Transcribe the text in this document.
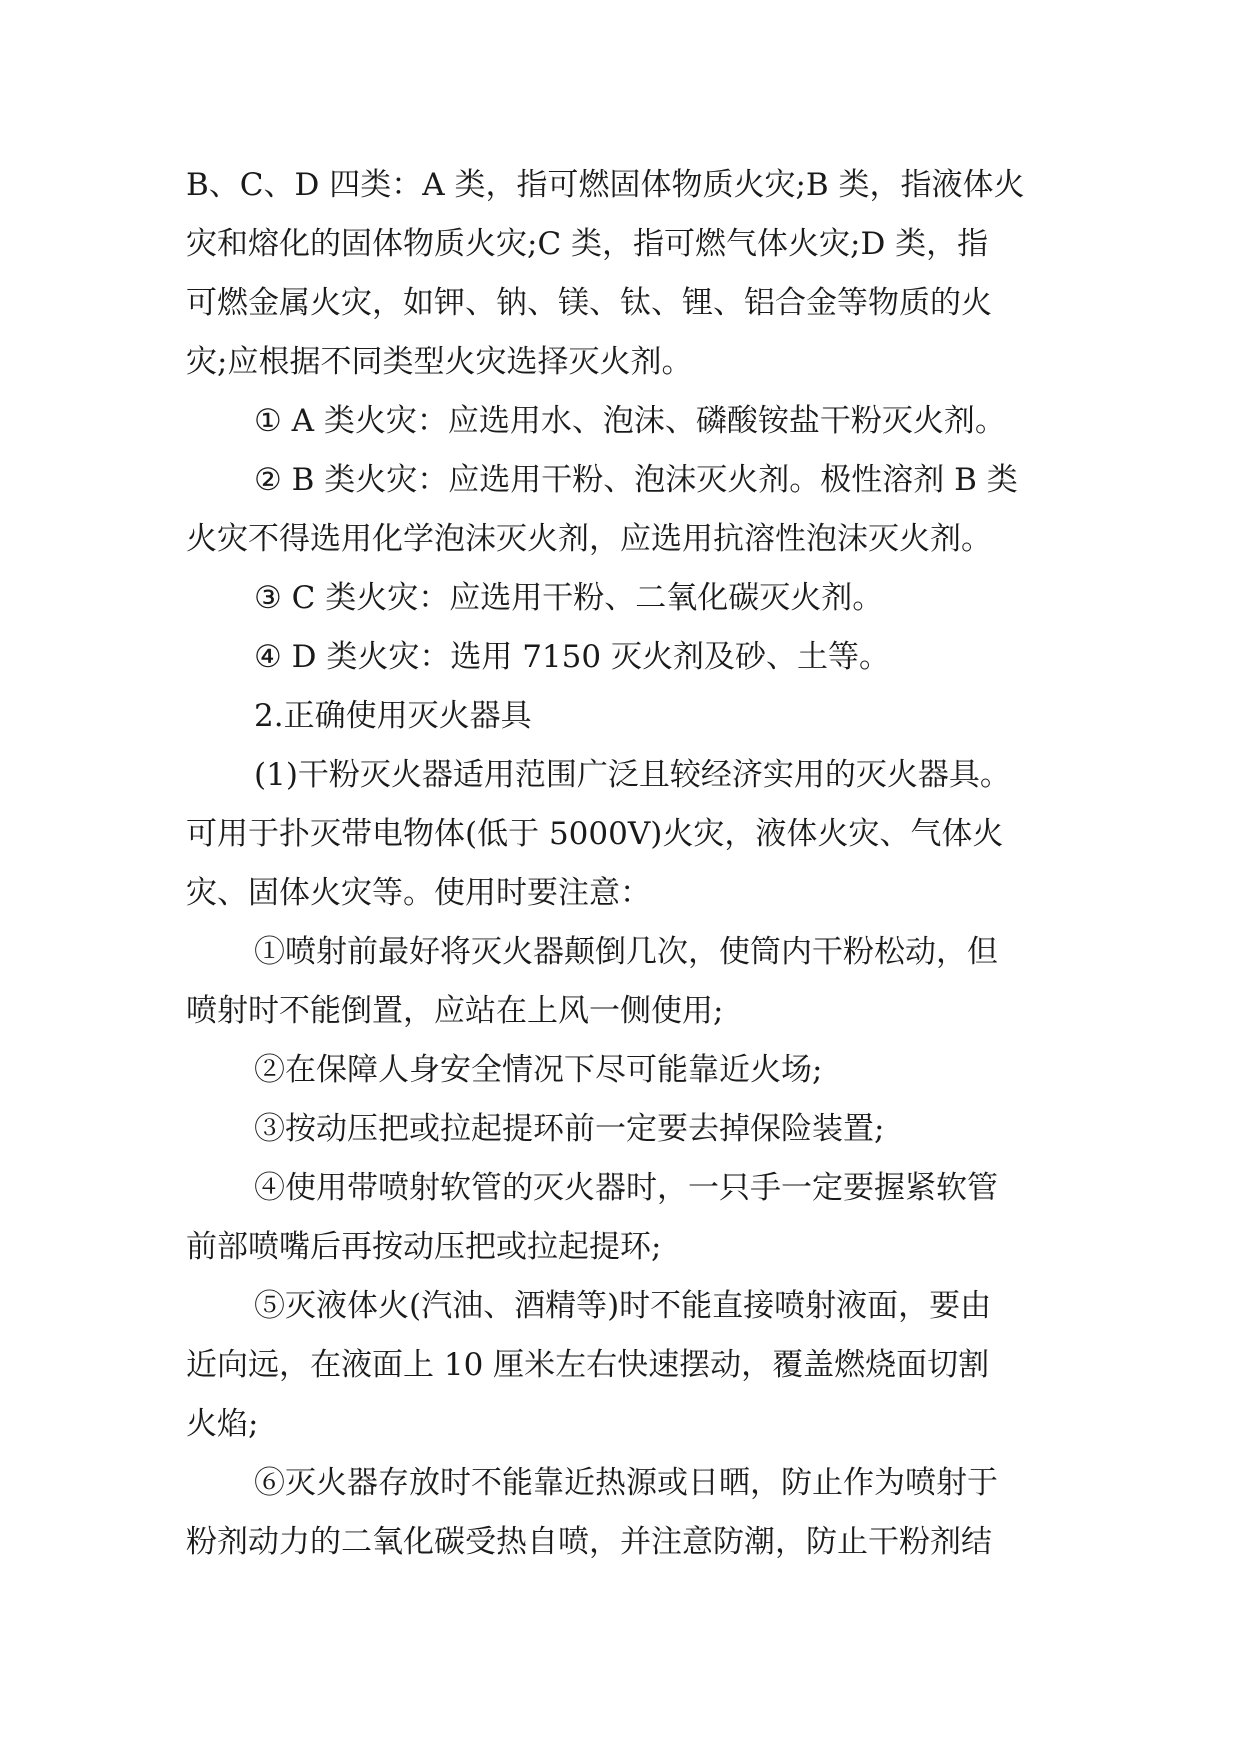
B、C、D 四类：A 类，指可燃固体物质火灾;B 类，指液体火
灾和熔化的固体物质火灾;C 类，指可燃气体火灾;D 类，指
可燃金属火灾，如钾、钠、镁、钛、锂、铝合金等物质的火
灾;应根据不同类型火灾选择灭火剂。
① A 类火灾：应选用水、泡沫、磷酸铵盐干粉灭火剂。
② B 类火灾：应选用干粉、泡沫灭火剂。极性溶剂 B 类
火灾不得选用化学泡沫灭火剂，应选用抗溶性泡沫灭火剂。
③ C 类火灾：应选用干粉、二氧化碳灭火剂。
④ D 类火灾：选用 7150 灭火剂及砂、土等。
2.正确使用灭火器具
(1)干粉灭火器适用范围广泛且较经济实用的灭火器具。
可用于扑灭带电物体(低于 5000V)火灾，液体火灾、气体火
灾、固体火灾等。使用时要注意：
①喷射前最好将灭火器颠倒几次，使筒内干粉松动，但
喷射时不能倒置，应站在上风一侧使用;
②在保障人身安全情况下尽可能靠近火场;
③按动压把或拉起提环前一定要去掉保险装置;
④使用带喷射软管的灭火器时，一只手一定要握紧软管
前部喷嘴后再按动压把或拉起提环;
⑤灭液体火(汽油、酒精等)时不能直接喷射液面，要由
近向远，在液面上 10 厘米左右快速摆动，覆盖燃烧面切割
火焰;
⑥灭火器存放时不能靠近热源或日晒，防止作为喷射于
粉剂动力的二氧化碳受热自喷，并注意防潮，防止干粉剂结
